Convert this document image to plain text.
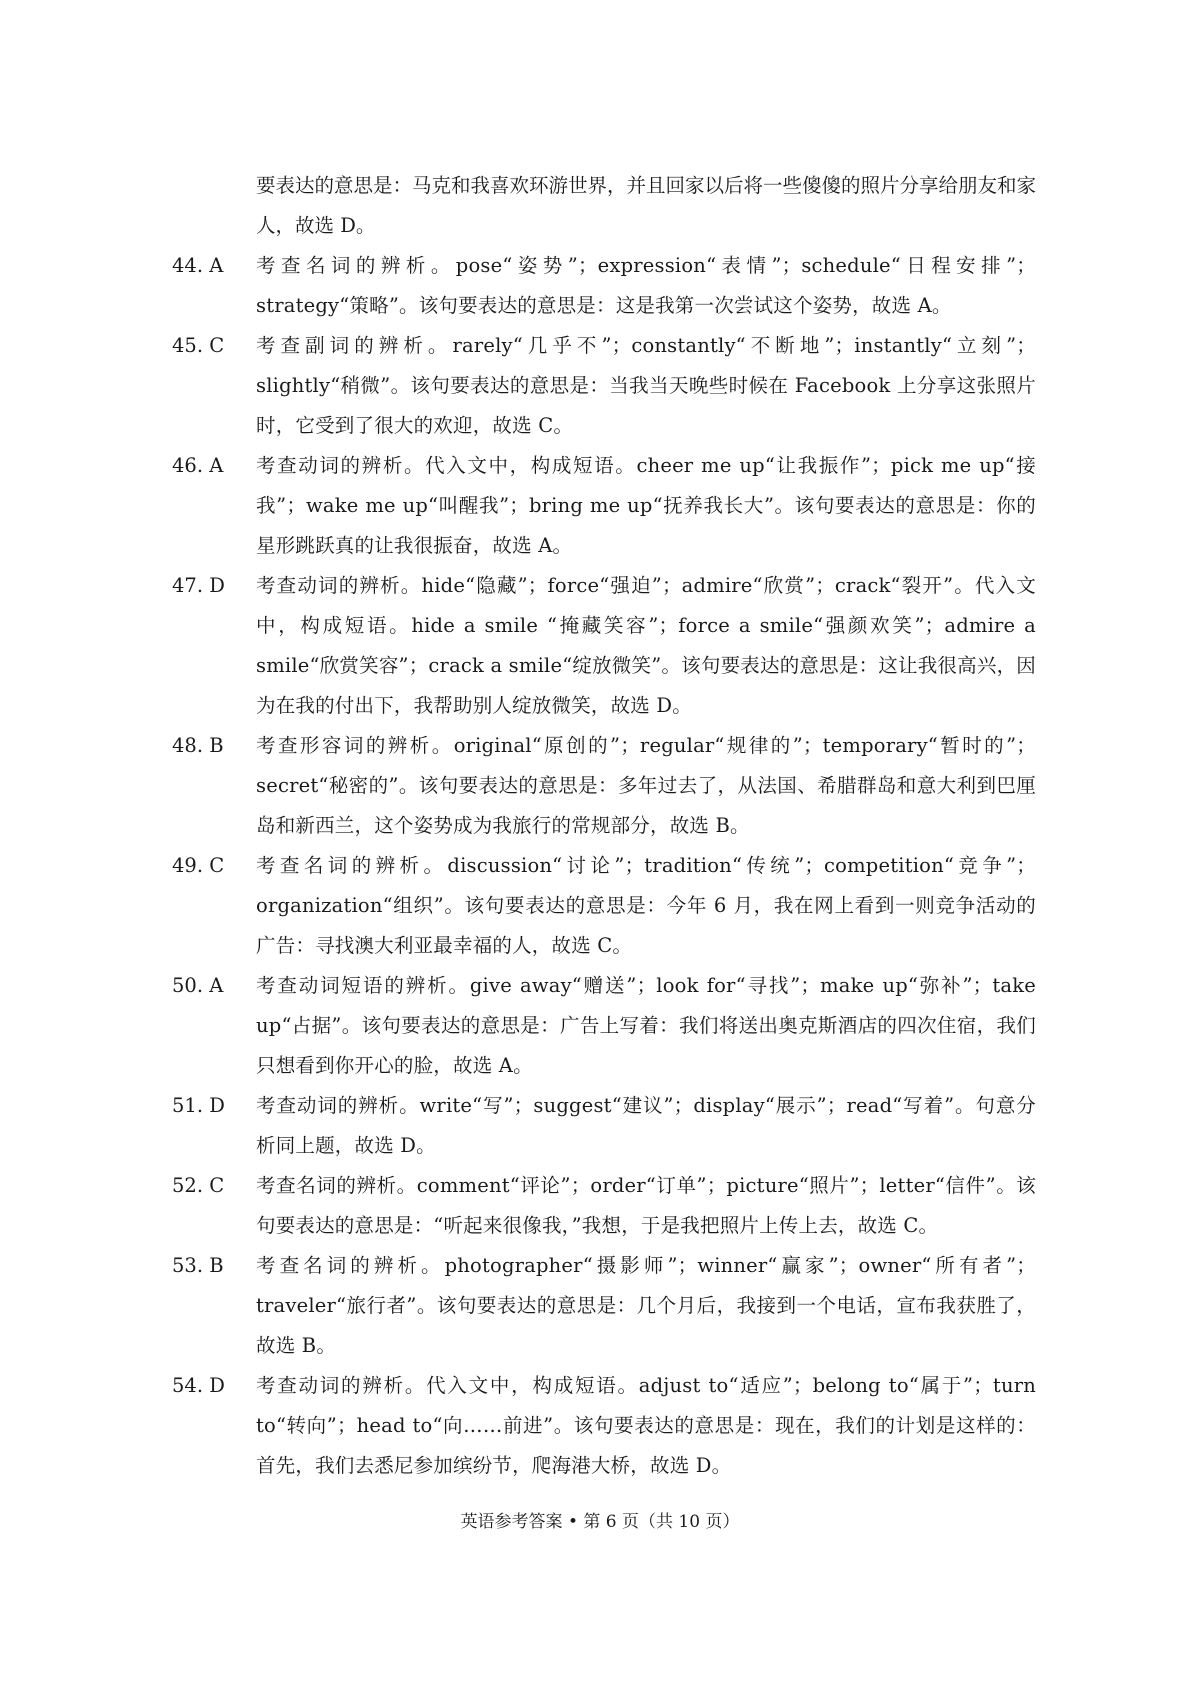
要表达的意思是：马克和我喜欢环游世界，并且回家以后将一些傻傻的照片分享给朋友和家人，故选 D。
44. A	考查名词的辨析。pose“姿势”；expression“表情”；schedule“日程安排”；strategy“策略”。该句要表达的意思是：这是我第一次尝试这个姿势，故选 A。
45. C	考查副词的辨析。rarely“几乎不”；constantly“不断地”；instantly“立刻”；slightly“稍微”。该句要表达的意思是：当我当天晚些时候在 Facebook 上分享这张照片时，它受到了很大的欢迎，故选 C。
46. A	考查动词的辨析。代入文中，构成短语。cheer me up“让我振作”；pick me up“接我”；wake me up“叫醒我”；bring me up“抚养我长大”。该句要表达的意思是：你的星形跳跃真的让我很振奋，故选 A。
47. D	考查动词的辨析。hide“隐藏”；force“强迫”；admire“欣赏”；crack“裂开”。代入文中，构成短语。hide a smile “掩藏笑容”；force a smile“强颜欢笑”；admire a smile“欣赏笑容”；crack a smile“绽放微笑”。该句要表达的意思是：这让我很高兴，因为在我的付出下，我帮助别人绽放微笑，故选 D。
48. B	考查形容词的辨析。original“原创的”；regular“规律的”；temporary“暂时的”；secret“秘密的”。该句要表达的意思是：多年过去了，从法国、希腊群岛和意大利到巴厘岛和新西兰，这个姿势成为我旅行的常规部分，故选 B。
49. C	考查名词的辨析。discussion“讨论”；tradition“传统”；competition“竞争”；organization“组织”。该句要表达的意思是：今年 6 月，我在网上看到一则竞争活动的广告：寻找澳大利亚最幸福的人，故选 C。
50. A	考查动词短语的辨析。give away“赠送”；look for“寻找”；make up“弥补”；take up“占据”。该句要表达的意思是：广告上写着：我们将送出奥克斯酒店的四次住宿，我们只想看到你开心的脸，故选 A。
51. D	考查动词的辨析。write“写”；suggest“建议”；display“展示”；read“写着”。句意分析同上题，故选 D。
52. C	考查名词的辨析。comment“评论”；order“订单”；picture“照片”；letter“信件”。该句要表达的意思是：“听起来很像我，”我想，于是我把照片上传上去，故选 C。
53. B	考查名词的辨析。photographer“摄影师”；winner“赢家”；owner“所有者”；traveler“旅行者”。该句要表达的意思是：几个月后，我接到一个电话，宣布我获胜了，故选 B。
54. D	考查动词的辨析。代入文中，构成短语。adjust to“适应”；belong to“属于”；turn to“转向”；head to“向……前进”。该句要表达的意思是：现在，我们的计划是这样的：首先，我们去悉尼参加缤纷节，爬海港大桥，故选 D。
英语参考答案 • 第 6 页（共 10 页）
